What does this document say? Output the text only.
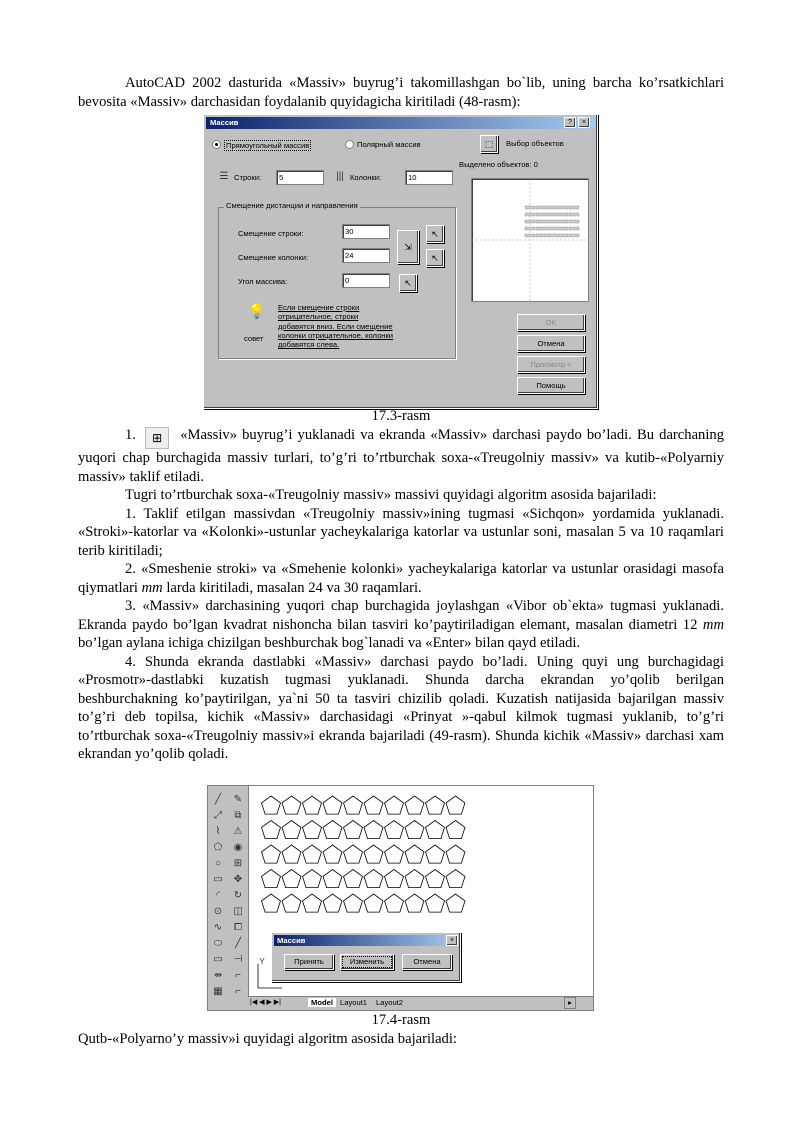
AutoCAD 2002 dasturida «Massiv» buyrug’i takomillashgan bo`lib, uning barcha ko’rsatkichlari bevosita «Massiv» darchasidan foydalanib quyidagicha kiritiladi (48-rasm):

Массив	?	×
Прямоугольный массив	Полярный массив	⬚	Выбор объектов
Выделено объектов: 0
☰ Строки:	5	||| Колонки:	10
Смещение дистанции и направления
Смещение строки:	30
Смещение колонки:	24
⇲
↖
↖
Угол массива:	0	↖
💡 Если смещение строки отрицательное, строки добавятся вниз. Если смещение колонки отрицательное, колонки добавятся слева.
совет
OK
Отмена
Просмотр <
Помощь

17.3-rasm

1. ⊞ «Massiv» buyrug’i yuklanadi va ekranda «Massiv» darchasi paydo bo’ladi. Bu darchaning yuqori chap burchagida massiv turlari, to’g’ri to’rtburchak soxa-«Treugolniy massiv» va kutib-«Polyarniy massiv» taklif etiladi.

Tugri to’rtburchak soxa-«Treugolniy massiv» massivi quyidagi algoritm asosida bajariladi:

1. Taklif etilgan massivdan «Treugolniy massiv»ining tugmasi «Sichqon» yordamida yuklanadi. «Stroki»-katorlar va «Kolonki»-ustunlar yacheykalariga katorlar va ustunlar soni, masalan 5 va 10 raqamlari terib kiritiladi;

2. «Smeshenie stroki» va «Smehenie kolonki» yacheykalariga katorlar va ustunlar orasidagi masofa qiymatlari mm larda kiritiladi, masalan 24 va 30 raqamlari.

3. «Massiv» darchasining yuqori chap burchagida joylashgan «Vibor ob`ekta» tugmasi yuklanadi. Ekranda paydo bo’lgan kvadrat nishoncha bilan tasviri ko’paytiriladigan elemant, masalan diametri 12 mm bo’lgan aylana ichiga chizilgan beshburchak bog`lanadi va «Enter» bilan qayd etiladi.

4. Shunda ekranda dastlabki «Massiv» darchasi paydo bo’ladi. Uning quyi ung burchagidagi «Prosmotr»-dastlabki kuzatish tugmasi yuklanadi. Shunda darcha ekrandan yo’qolib berilgan beshburchakning ko’paytirilgan, ya`ni 50 ta tasviri chizilib qoladi. Kuzatish natijasida bajarilgan massiv to’g’ri deb topilsa, kichik «Massiv» darchasidagi «Prinyat »-qabul kilmok tugmasi yuklanib, to’g’ri to’rtburchak soxa-«Treugolniy massiv»i ekranda bajariladi (49-rasm). Shunda kichik «Massiv» darchasi xam ekrandan yo’qolib qoladi.

╱
⤢
⌇
⬠
○
▭
◜
⊙
∿
⬭
▭
⇴
▦
✎
⧉
⚠
◉
⊞
✥
↻
◫
⧠
╱
⊣
⌐
⌐
Y
Массив	×
Принять	Изменить	Отмена
|◀ ◀ ▶ ▶|	Model Layout1 Layout2	▸

17.4-rasm

Qutb-«Polyarno’y massiv»i quyidagi algoritm asosida bajariladi:
